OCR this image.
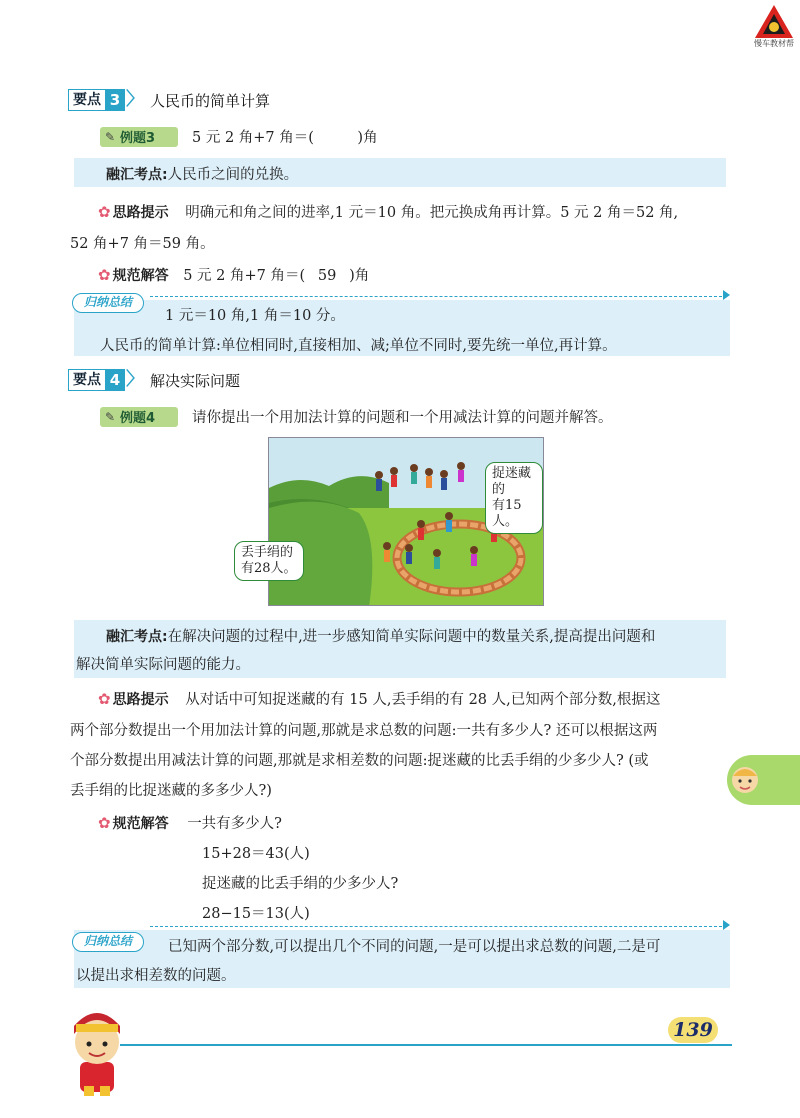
慢车教材帮
要点 3 〉 人民币的简单计算
✎ 例题3	5 元 2 角+7 角＝(　　　)角
融汇考点:人民币之间的兑换。
✿ 思路提示 明确元和角之间的进率,1 元＝10 角。把元换成角再计算。5 元 2 角＝52 角,
52 角+7 角＝59 角。
✿ 规范解答 5 元 2 角+7 角＝( 59 )角
归纳总结
1 元＝10 角,1 角＝10 分。
人民币的简单计算:单位相同时,直接相加、减;单位不同时,要先统一单位,再计算。
要点 4 〉 解决实际问题
✎ 例题4	请你提出一个用加法计算的问题和一个用减法计算的问题并解答。
捉迷藏的
有15人。
丢手绢的
有28人。
融汇考点:在解决问题的过程中,进一步感知简单实际问题中的数量关系,提高提出问题和
解决简单实际问题的能力。
✿ 思路提示 从对话中可知捉迷藏的有 15 人,丢手绢的有 28 人,已知两个部分数,根据这
两个部分数提出一个用加法计算的问题,那就是求总数的问题:一共有多少人? 还可以根据这两
个部分数提出用减法计算的问题,那就是求相差数的问题:捉迷藏的比丢手绢的少多少人? (或
丢手绢的比捉迷藏的多多少人?)
✿ 规范解答 一共有多少人?
15+28＝43(人)
捉迷藏的比丢手绢的少多少人?
28−15＝13(人)
归纳总结	已知两个部分数,可以提出几个不同的问题,一是可以提出求总数的问题,二是可
以提出求相差数的问题。
139
